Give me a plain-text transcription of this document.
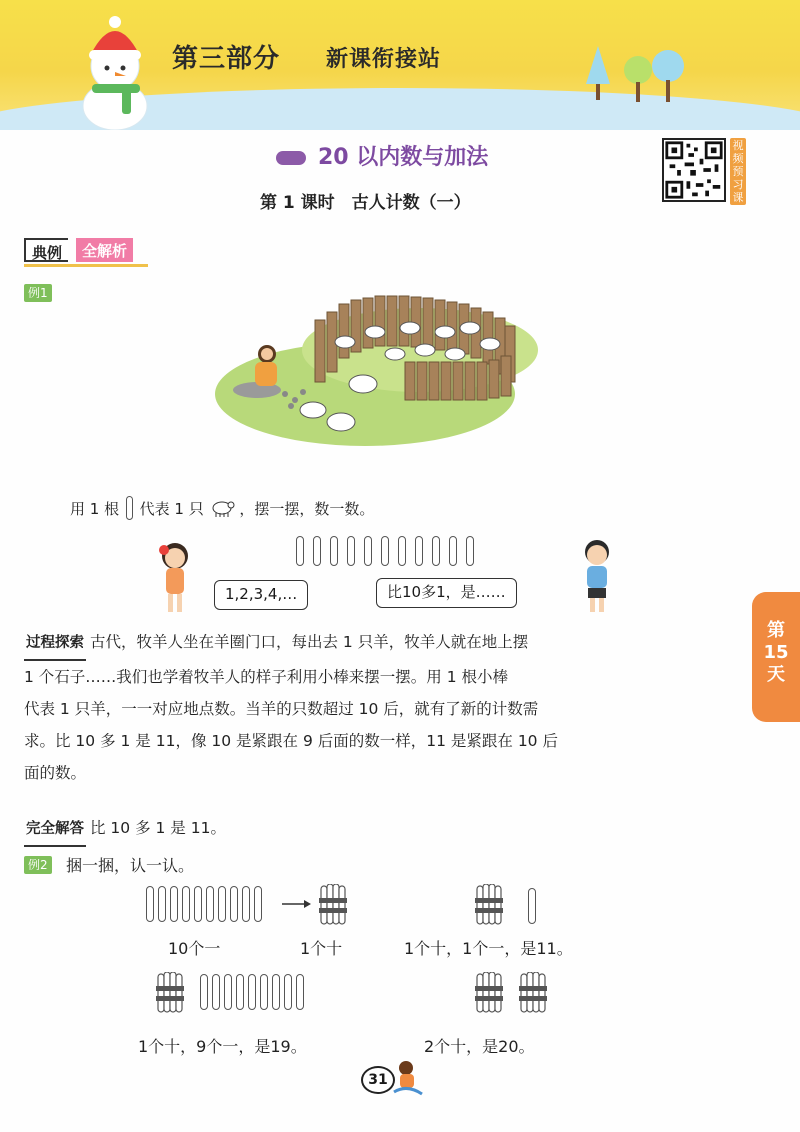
第三部分 新课衔接站
20 以内数与加法
第 1 课时　古人计数（一）
视频预习课
典例	全解析
例1
用 1 根 代表 1 只 ，摆一摆，数一数。
1,2,3,4,…	比10多1，是……
过程探索 古代，牧羊人坐在羊圈门口，每出去 1 只羊，牧羊人就在地上摆
1 个石子……我们也学着牧羊人的样子利用小棒来摆一摆。用 1 根小棒
代表 1 只羊，一一对应地点数。当羊的只数超过 10 后，就有了新的计数需
求。比 10 多 1 是 11，像 10 是紧跟在 9 后面的数一样，11 是紧跟在 10 后
面的数。
完全解答 比 10 多 1 是 11。
第15天
例2 捆一捆，认一认。
10个一	1个十	1个十，1个一，是11。
1个十，9个一，是19。	2个十，是20。
31
